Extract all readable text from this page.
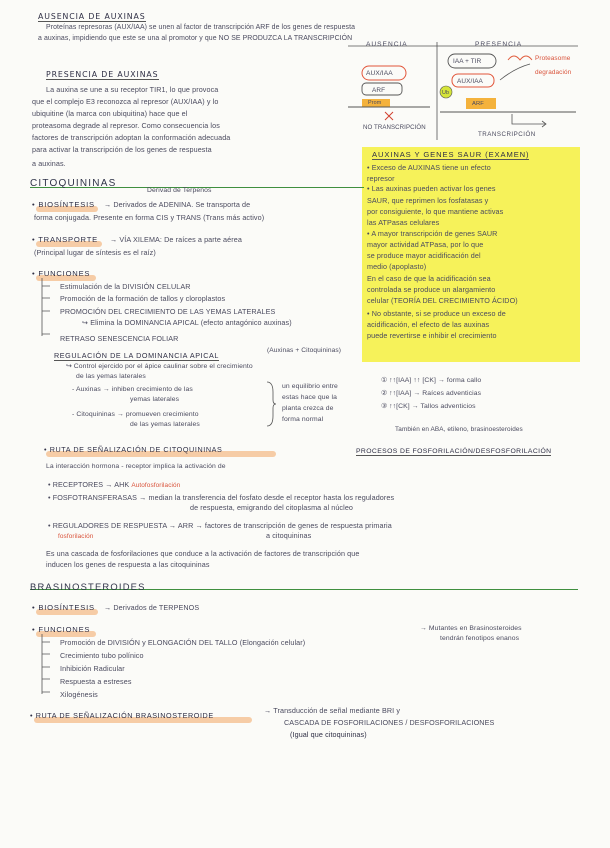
AUSENCIA DE AUXINAS
Proteínas represoras (AUX/IAA) se unen al factor de transcripción ARF de los genes de respuesta
a auxinas, impidiendo que este se una al promotor y que NO SE PRODUZCA LA TRANSCRIPCIÓN
PRESENCIA DE AUXINAS
La auxina se une a su receptor TIR1, lo que provoca
que el complejo E3 reconozca al represor (AUX/IAA) y lo
ubiquitine (la marca con ubiquitina) hace que el
proteasoma degrade al represor. Como consecuencia los
factores de transcripción adoptan la conformación adecuada
para activar la transcripción de los genes de respuesta
a auxinas.
AUSENCIA	PRESENCIA
AUX/IAA
ARF
Prom
NO TRANSCRIPCIÓN
IAA + TIR
AUX/IAA
Ub
ARF
Proteasome
degradación
TRANSCRIPCIÓN
AUXINAS Y GENES SAUR (EXAMEN)
• Exceso de AUXINAS tiene un efecto
represor
• Las auxinas pueden activar los genes
SAUR, que reprimen los fosfatasas y
por consiguiente, lo que mantiene activas
las ATPasas celulares
• A mayor transcripción de genes SAUR
mayor actividad ATPasa, por lo que
se produce mayor acidificación del
medio (apoplasto)
En el caso de que la acidificación sea
controlada se produce un alargamiento
celular (TEORÍA DEL CRECIMIENTO ÁCIDO)
• No obstante, si se produce un exceso de
acidificación, el efecto de las auxinas
puede revertirse e inhibir el crecimiento
CITOQUININAS
Derivad de Terpenos
• BIOSÍNTESIS → Derivados de ADENINA. Se transporta de
forma conjugada. Presente en forma CIS y TRANS (Trans más activo)
• TRANSPORTE → VÍA XILEMA: De raíces a parte aérea
(Principal lugar de síntesis es el raíz)
• FUNCIONES
Estimulación de la DIVISIÓN CELULAR
Promoción de la formación de tallos y cloroplastos
PROMOCIÓN DEL CRECIMIENTO DE LAS YEMAS LATERALES
↪ Elimina la DOMINANCIA APICAL (efecto antagónico auxinas)
RETRASO SENESCENCIA FOLIAR
REGULACIÓN DE LA DOMINANCIA APICAL
(Auxinas + Citoquininas)
↪ Control ejercido por el ápice caulinar sobre el crecimiento
de las yemas laterales
- Auxinas → inhiben crecimiento de las
yemas laterales
- Citoquininas → promueven crecimiento
de las yemas laterales
un equilibrio entre
estas hace que la
planta crezca de
forma normal
① ↑↑[IAA] ↑↑ [CK] → forma callo
② ↑↑[IAA] → Raíces adventicias
③ ↑↑[CK] → Tallos adventicios
• RUTA DE SEÑALIZACIÓN DE CITOQUININAS
También en ABA, etileno, brasinoesteroides
La interacción hormona - receptor implica la activación de
PROCESOS DE FOSFORILACIÓN/DESFOSFORILACIÓN
• RECEPTORES → AHK Autofosforilación
• FOSFOTRANSFERASAS → median la transferencia del fosfato desde el receptor hasta los reguladores
de respuesta, emigrando del citoplasma al núcleo
• REGULADORES DE RESPUESTA → ARR → factores de transcripción de genes de respuesta primaria
a citoquininas
fosforilación
Es una cascada de fosforilaciones que conduce a la activación de factores de transcripción que
inducen los genes de respuesta a las citoquininas
BRASINOSTEROIDES
• BIOSÍNTESIS → Derivados de TERPENOS
• FUNCIONES
Promoción de DIVISIÓN y ELONGACIÓN DEL TALLO (Elongación celular)
→ Mutantes en Brasinosteroides
tendrán fenotipos enanos
Crecimiento tubo polínico
Inhibición Radicular
Respuesta a estreses
Xilogénesis
• RUTA DE SEÑALIZACIÓN BRASINOSTEROIDE
→ Transducción de señal mediante BRI y
CASCADA DE FOSFORILACIONES / DESFOSFORILACIONES
(Igual que citoquininas)
